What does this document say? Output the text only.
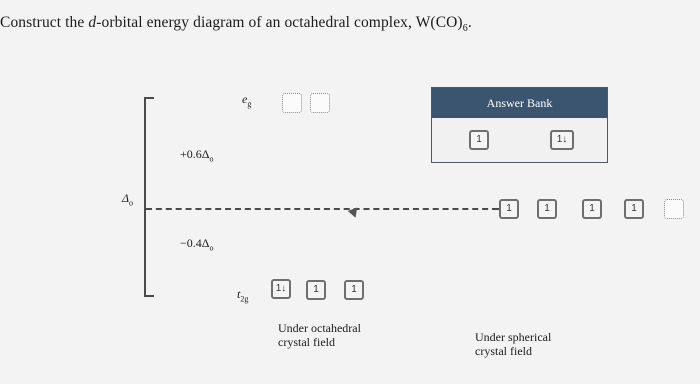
Construct the d-orbital energy diagram of an octahedral complex, $W(CO)_6$.
$\Delta_o$
$+0.6\Delta_o$
$-0.4\Delta_o$
$e_g$
$t_{2g}$
1↓	1	1
Under octahedral
crystal field
1	1	1	1
Under spherical
crystal field
Answer Bank
1	1↓
